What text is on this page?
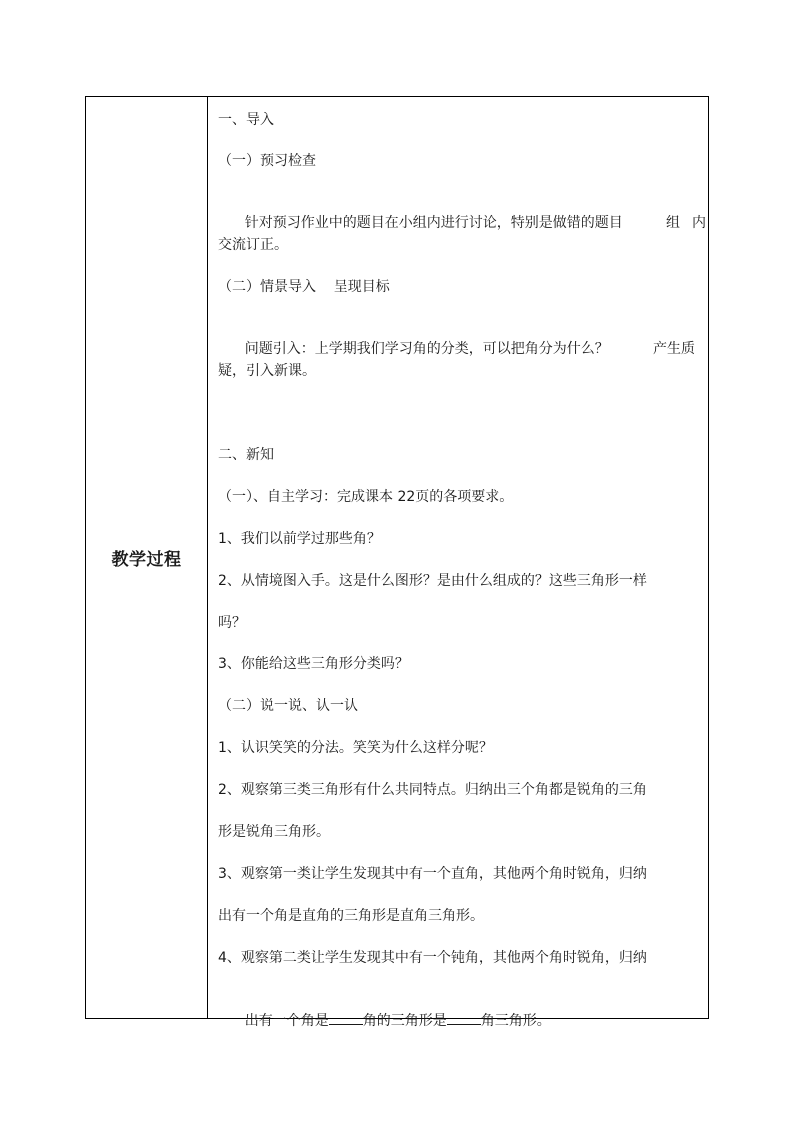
教学过程
一、导入
（一）预习检查

针对预习作业中的题目在小组内进行讨论，特别是做错的题目	组 内

交流订正。
（二）情景导入    呈现目标

问题引入：上学期我们学习角的分类，可以把角分为什么？	产生质

疑，引入新课。
二、新知
（一）、自主学习：完成课本 22页的各项要求。
1、我们以前学过那些角？
2、从情境图入手。这是什么图形？是由什么组成的？这些三角形一样
吗？
3、你能给这些三角形分类吗？
（二）说一说、认一认
1、认识笑笑的分法。笑笑为什么这样分呢？
2、观察第三类三角形有什么共同特点。归纳出三个角都是锐角的三角
形是锐角三角形。
3、观察第一类让学生发现其中有一个直角，其他两个角时锐角，归纳
出有一个角是直角的三角形是直角三角形。
4、观察第二类让学生发现其中有一个钝角，其他两个角时锐角，归纳

出有一个角是 角的三角形是 角三角形。
